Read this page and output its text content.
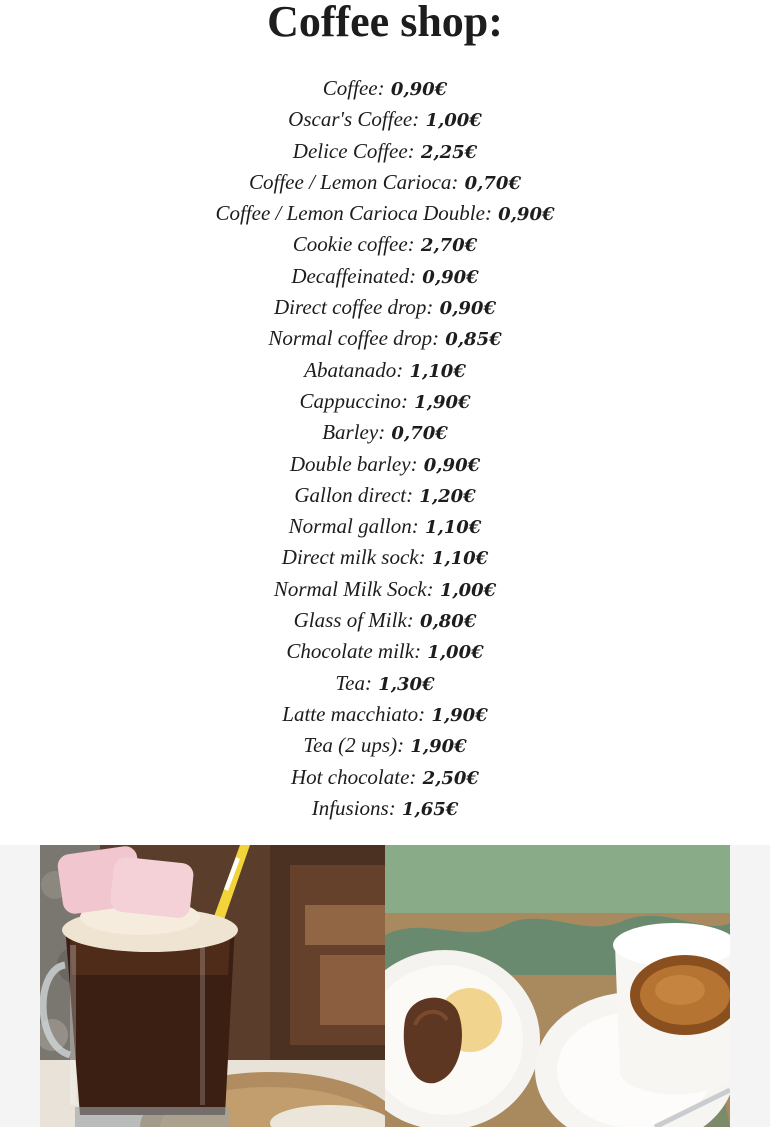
Coffee shop:
Coffee: 0,90€
Oscar's Coffee: 1,00€
Delice Coffee: 2,25€
Coffee / Lemon Carioca: 0,70€
Coffee / Lemon Carioca Double: 0,90€
Cookie coffee: 2,70€
Decaffeinated: 0,90€
Direct coffee drop: 0,90€
Normal coffee drop: 0,85€
Abatanado: 1,10€
Cappuccino: 1,90€
Barley: 0,70€
Double barley: 0,90€
Gallon direct: 1,20€
Normal gallon: 1,10€
Direct milk sock: 1,10€
Normal Milk Sock: 1,00€
Glass of Milk: 0,80€
Chocolate milk: 1,00€
Tea: 1,30€
Latte macchiato: 1,90€
Tea (2 ups): 1,90€
Hot chocolate: 2,50€
Infusions: 1,65€
